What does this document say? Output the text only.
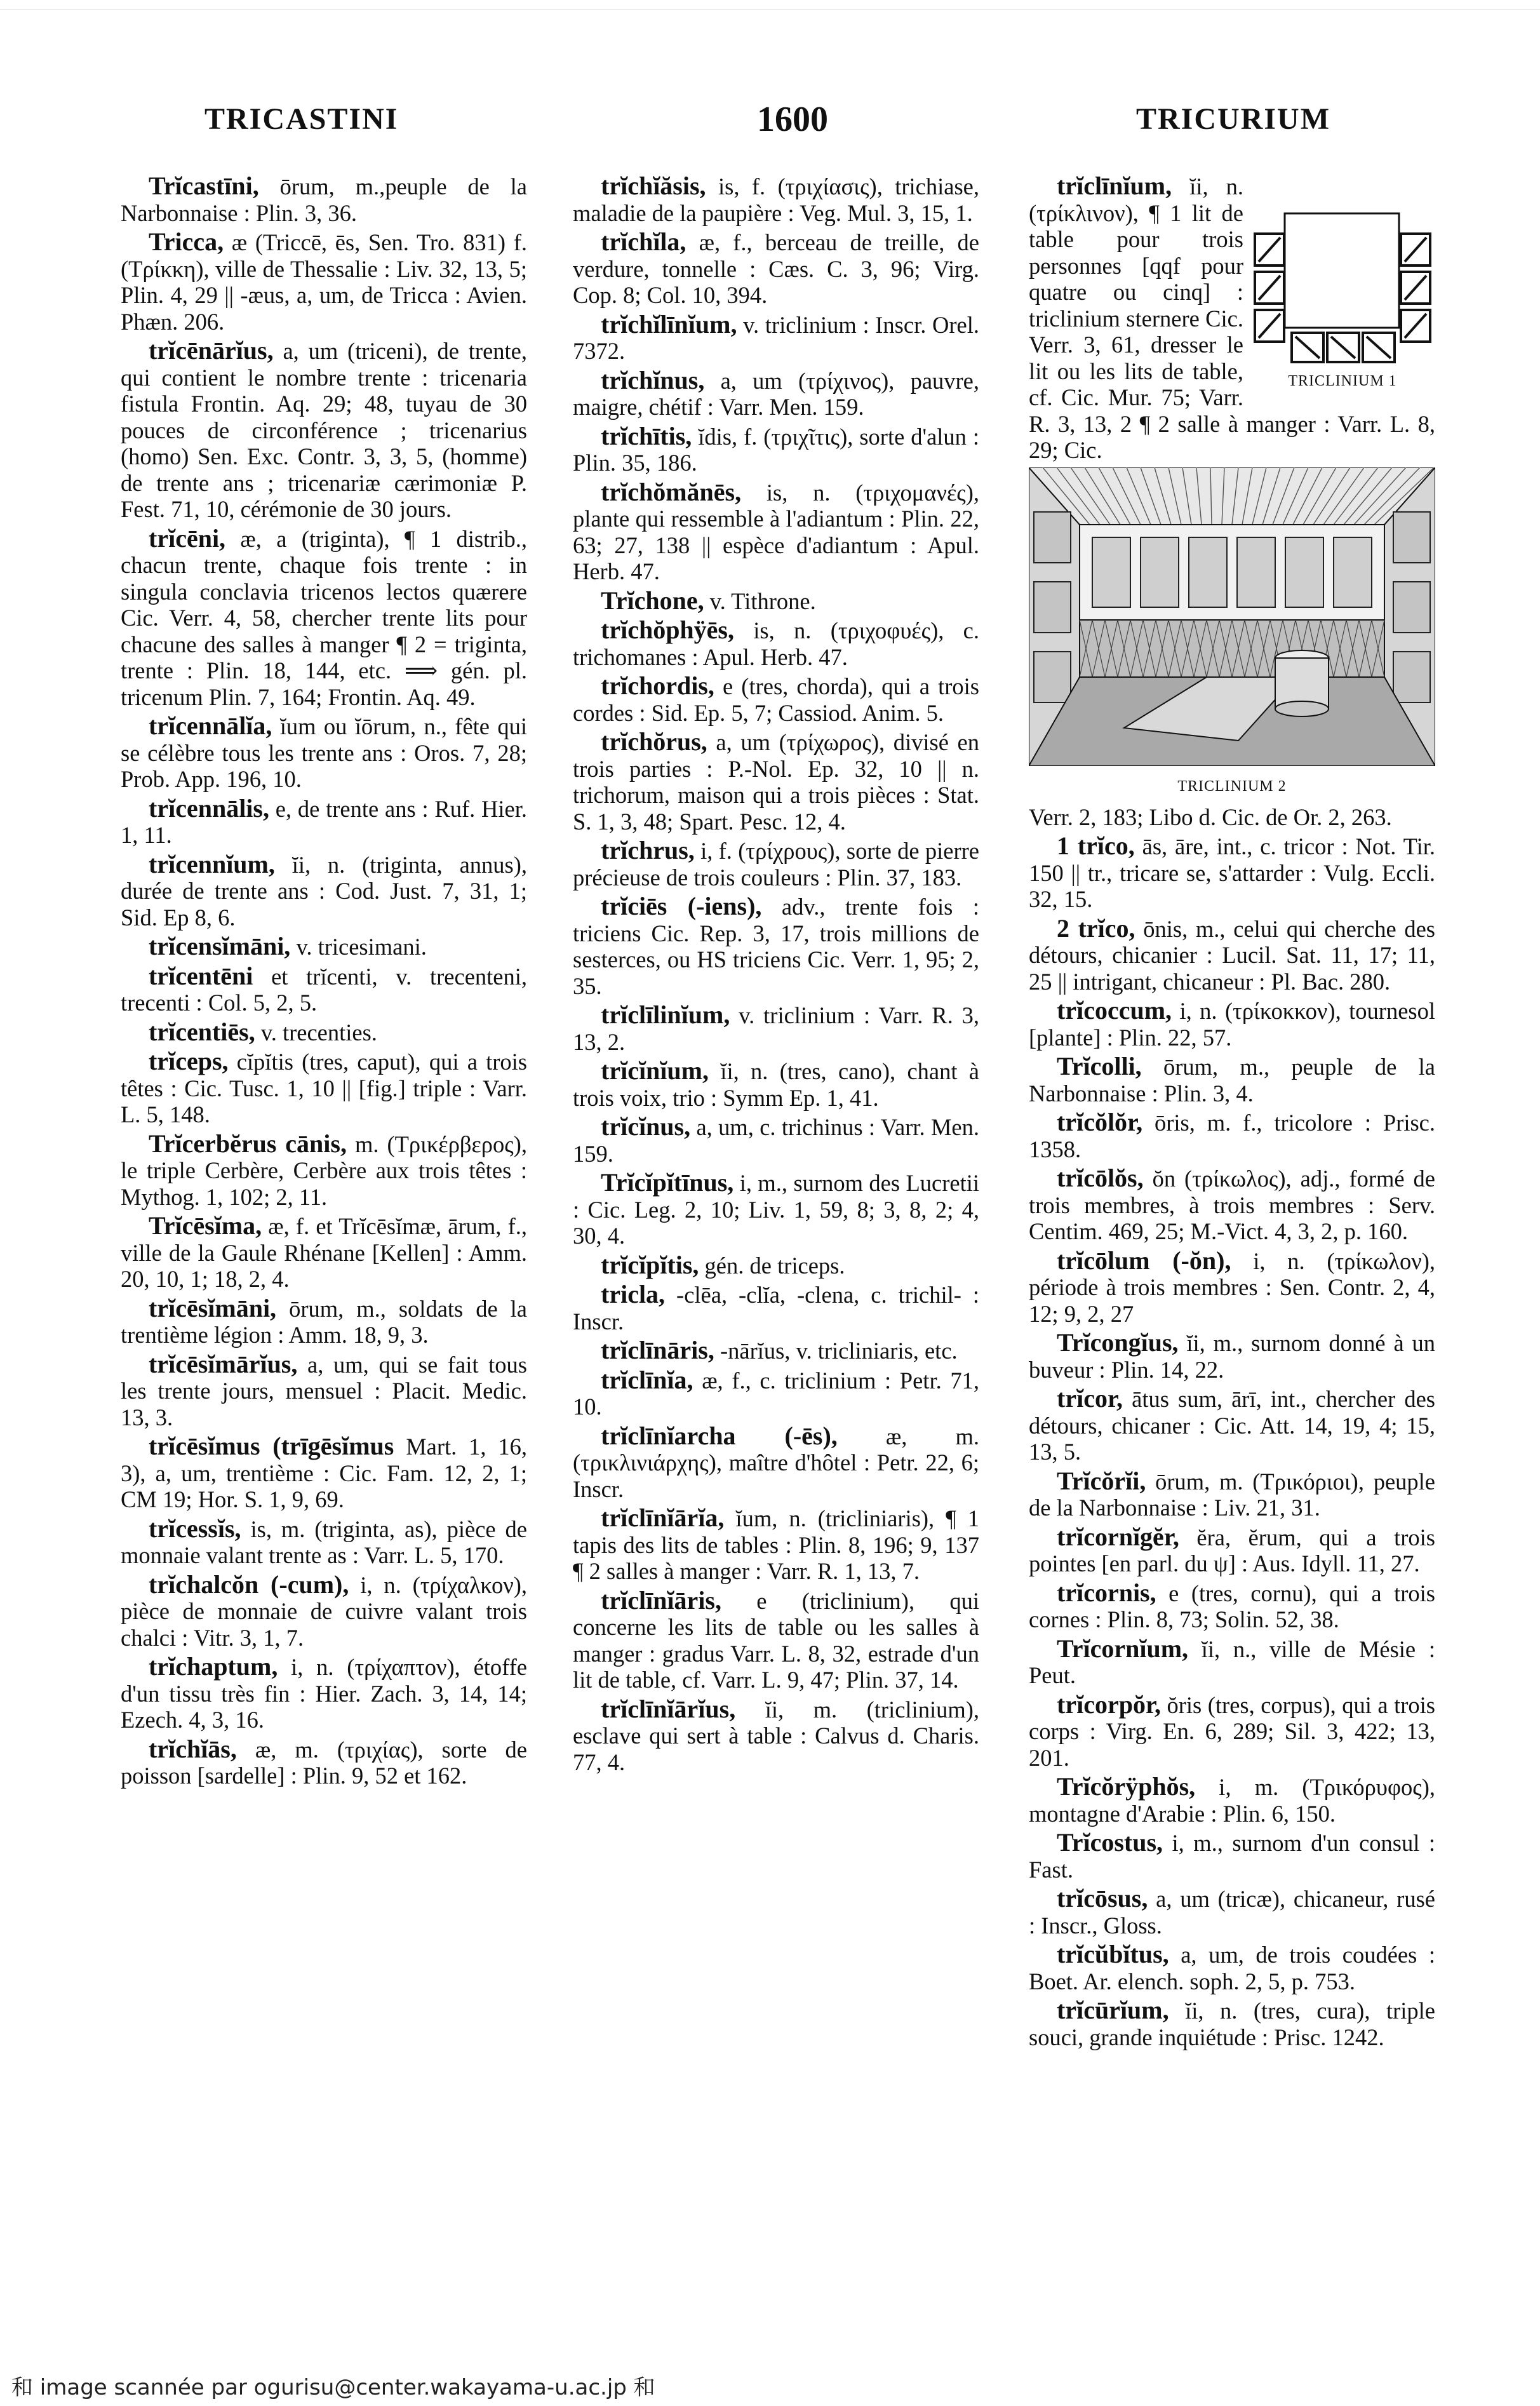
TRICASTINI	1600	TRICURIUM
Trĭcastīni, ōrum, m.,peuple de la Narbonnaise : Plin. 3, 36.
Tricca, æ (Triccē, ēs, Sen. Tro. 831) f. (Τρίκκη), ville de Thessalie : Liv. 32, 13, 5; Plin. 4, 29 || -æus, a, um, de Tricca : Avien. Phæn. 206.
trĭcēnārĭus, a, um (triceni), de trente, qui contient le nombre trente : tricenaria fistula Frontin. Aq. 29; 48, tuyau de 30 pouces de circonférence ; tricenarius (homo) Sen. Exc. Contr. 3, 3, 5, (homme) de trente ans ; tricenariæ cærimoniæ P. Fest. 71, 10, cérémonie de 30 jours.
trĭcēni, æ, a (triginta), ¶ 1 distrib., chacun trente, chaque fois trente : in singula conclavia tricenos lectos quærere Cic. Verr. 4, 58, chercher trente lits pour chacune des salles à manger ¶ 2 = triginta, trente : Plin. 18, 144, etc. ⟹ gén. pl. tricenum Plin. 7, 164; Frontin. Aq. 49.
trĭcennālĭa, ĭum ou ĭōrum, n., fête qui se célèbre tous les trente ans : Oros. 7, 28; Prob. App. 196, 10.
trĭcennālis, e, de trente ans : Ruf. Hier. 1, 11.
trĭcennĭum, ĭi, n. (triginta, annus), durée de trente ans : Cod. Just. 7, 31, 1; Sid. Ep 8, 6.
trĭcensĭmāni, v. tricesimani.
trĭcentēni et trĭcenti, v. trecenteni, trecenti : Col. 5, 2, 5.
trĭcentiēs, v. trecenties.
trĭceps, cĭpĭtis (tres, caput), qui a trois têtes : Cic. Tusc. 1, 10 || [fig.] triple : Varr. L. 5, 148.
Trĭcerbĕrus cānis, m. (Τρικέρβερος), le triple Cerbère, Cerbère aux trois têtes : Mythog. 1, 102; 2, 11.
Trĭcēsĭma, æ, f. et Trĭcēsĭmæ, ārum, f., ville de la Gaule Rhénane [Kellen] : Amm. 20, 10, 1; 18, 2, 4.
trĭcēsĭmāni, ōrum, m., soldats de la trentième légion : Amm. 18, 9, 3.
trĭcēsĭmārĭus, a, um, qui se fait tous les trente jours, mensuel : Placit. Medic. 13, 3.
trĭcēsĭmus (trīgēsĭmus Mart. 1, 16, 3), a, um, trentième : Cic. Fam. 12, 2, 1; CM 19; Hor. S. 1, 9, 69.
trĭcessĭs, is, m. (triginta, as), pièce de monnaie valant trente as : Varr. L. 5, 170.
trĭchalcŏn (-cum), i, n. (τρίχαλκον), pièce de monnaie de cuivre valant trois chalci : Vitr. 3, 1, 7.
trĭchaptum, i, n. (τρίχαπτον), étoffe d'un tissu très fin : Hier. Zach. 3, 14, 14; Ezech. 4, 3, 16.
trĭchĭās, æ, m. (τριχίας), sorte de poisson [sardelle] : Plin. 9, 52 et 162.
trĭchĭăsis, is, f. (τριχίασις), trichiase, maladie de la paupière : Veg. Mul. 3, 15, 1.
trĭchĭla, æ, f., berceau de treille, de verdure, tonnelle : Cæs. C. 3, 96; Virg. Cop. 8; Col. 10, 394.
trĭchĭlīnĭum, v. triclinium : Inscr. Orel. 7372.
trĭchĭnus, a, um (τρίχινος), pauvre, maigre, chétif : Varr. Men. 159.
trĭchītis, ĭdis, f. (τριχῖτις), sorte d'alun : Plin. 35, 186.
trĭchŏmănēs, is, n. (τριχομανές), plante qui ressemble à l'adiantum : Plin. 22, 63; 27, 138 || espèce d'adiantum : Apul. Herb. 47.
Trĭchone, v. Tithrone.
trĭchŏphÿēs, is, n. (τριχοφυές), c. trichomanes : Apul. Herb. 47.
trĭchordis, e (tres, chorda), qui a trois cordes : Sid. Ep. 5, 7; Cassiod. Anim. 5.
trĭchŏrus, a, um (τρίχωρος), divisé en trois parties : P.-Nol. Ep. 32, 10 || n. trichorum, maison qui a trois pièces : Stat. S. 1, 3, 48; Spart. Pesc. 12, 4.
trĭchrus, i, f. (τρίχρους), sorte de pierre précieuse de trois couleurs : Plin. 37, 183.
trĭciēs (-iens), adv., trente fois : triciens Cic. Rep. 3, 17, trois millions de sesterces, ou HS triciens Cic. Verr. 1, 95; 2, 35.
trĭclīlinĭum, v. triclinium : Varr. R. 3, 13, 2.
trĭcĭnĭum, ĭi, n. (tres, cano), chant à trois voix, trio : Symm Ep. 1, 41.
trĭcĭnus, a, um, c. trichinus : Varr. Men. 159.
Trĭcĭpĭtīnus, i, m., surnom des Lucretii : Cic. Leg. 2, 10; Liv. 1, 59, 8; 3, 8, 2; 4, 30, 4.
trĭcĭpĭtis, gén. de triceps.
tricla, -clēa, -clĭa, -clena, c. trichil- : Inscr.
trĭclīnāris, -nārĭus, v. tricliniaris, etc.
trĭclīnĭa, æ, f., c. triclinium : Petr. 71, 10.
trĭclīnĭarcha (-ēs), æ, m. (τρικλινιάρχης), maître d'hôtel : Petr. 22, 6; Inscr.
trĭclīnĭārĭa, ĭum, n. (tricliniaris), ¶ 1 tapis des lits de tables : Plin. 8, 196; 9, 137 ¶ 2 salles à manger : Varr. R. 1, 13, 7.
trĭclīnĭāris, e (triclinium), qui concerne les lits de table ou les salles à manger : gradus Varr. L. 8, 32, estrade d'un lit de table, cf. Varr. L. 9, 47; Plin. 37, 14.
trĭclīnĭārĭus, ĭi, m. (triclinium), esclave qui sert à table : Calvus d. Charis. 77, 4.
TRICLINIUM 1
trĭclīnĭum, ĭi, n. (τρίκλινον), ¶ 1 lit de table pour trois personnes [qqf pour quatre ou cinq] : triclinium sternere Cic. Verr. 3, 61, dresser le lit ou les lits de table, cf. Cic. Mur. 75; Varr. R. 3, 13, 2 ¶ 2 salle à manger : Varr. L. 8, 29; Cic.
TRICLINIUM 2
Verr. 2, 183; Libo d. Cic. de Or. 2, 263.
1 trĭco, ās, āre, int., c. tricor : Not. Tir. 150 || tr., tricare se, s'attarder : Vulg. Eccli. 32, 15.
2 trĭco, ōnis, m., celui qui cherche des détours, chicanier : Lucil. Sat. 11, 17; 11, 25 || intrigant, chicaneur : Pl. Bac. 280.
trĭcoccum, i, n. (τρίκοκκον), tournesol [plante] : Plin. 22, 57.
Trĭcolli, ōrum, m., peuple de la Narbonnaise : Plin. 3, 4.
trĭcŏlŏr, ōris, m. f., tricolore : Prisc. 1358.
trĭcōlŏs, ŏn (τρίκωλος), adj., formé de trois membres, à trois membres : Serv. Centim. 469, 25; M.-Vict. 4, 3, 2, p. 160.
trĭcōlum (-ŏn), i, n. (τρίκωλον), période à trois membres : Sen. Contr. 2, 4, 12; 9, 2, 27
Trĭcongĭus, ĭi, m., surnom donné à un buveur : Plin. 14, 22.
trĭcor, ātus sum, ārī, int., chercher des détours, chicaner : Cic. Att. 14, 19, 4; 15, 13, 5.
Trĭcŏrĭi, ōrum, m. (Τρικόριοι), peuple de la Narbonnaise : Liv. 21, 31.
trĭcornĭgĕr, ĕra, ĕrum, qui a trois pointes [en parl. du ψ] : Aus. Idyll. 11, 27.
trĭcornis, e (tres, cornu), qui a trois cornes : Plin. 8, 73; Solin. 52, 38.
Trĭcornĭum, ĭi, n., ville de Mésie : Peut.
trĭcorpŏr, ŏris (tres, corpus), qui a trois corps : Virg. En. 6, 289; Sil. 3, 422; 13, 201.
Trĭcŏrÿphŏs, i, m. (Τρικόρυφος), montagne d'Arabie : Plin. 6, 150.
Trĭcostus, i, m., surnom d'un consul : Fast.
trĭcōsus, a, um (tricæ), chicaneur, rusé : Inscr., Gloss.
trĭcŭbĭtus, a, um, de trois coudées : Boet. Ar. elench. soph. 2, 5, p. 753.
trĭcūrĭum, ĭi, n. (tres, cura), triple souci, grande inquiétude : Prisc. 1242.
和 image scannée par ogurisu@center.wakayama-u.ac.jp 和
